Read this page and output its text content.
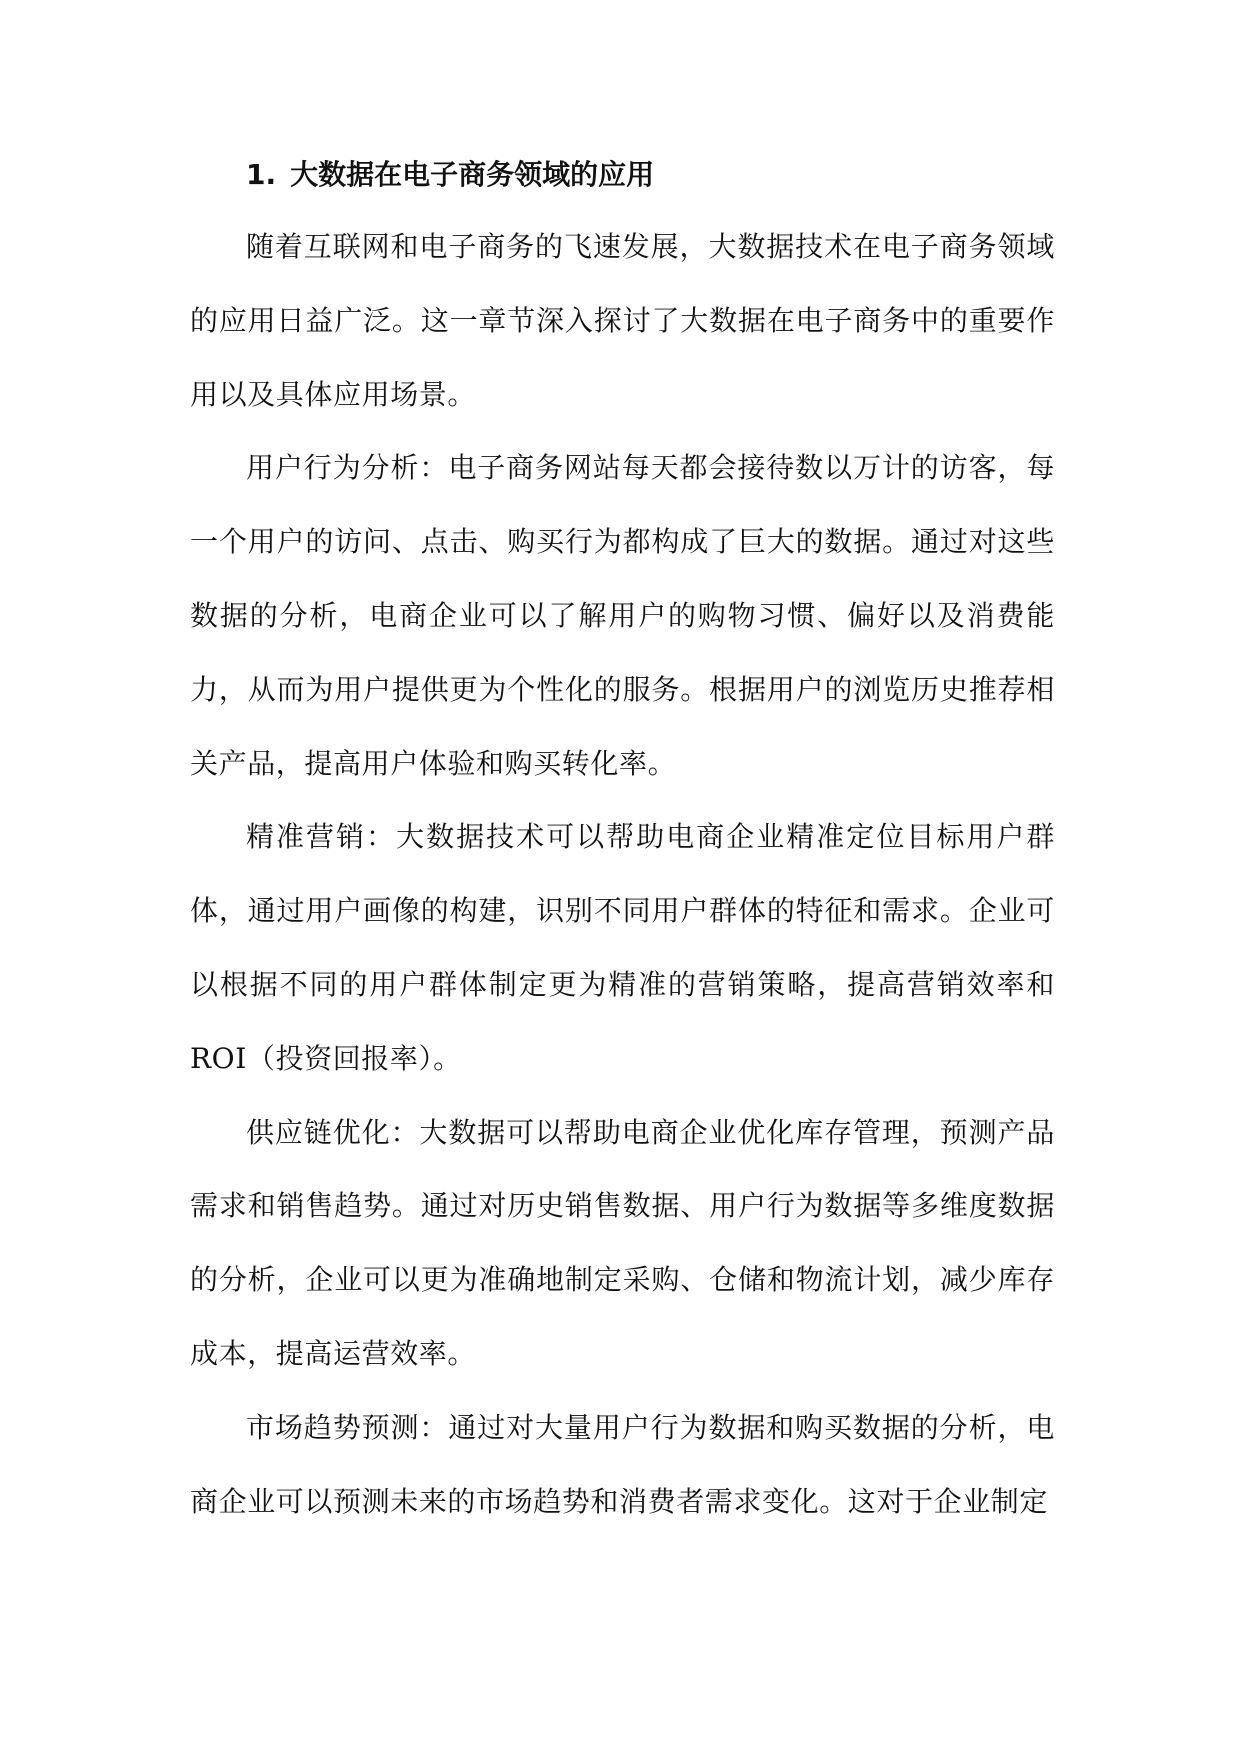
1. 大数据在电子商务领域的应用

随着互联网和电子商务的飞速发展，大数据技术在电子商务领域的应用日益广泛。这一章节深入探讨了大数据在电子商务中的重要作用以及具体应用场景。

用户行为分析：电子商务网站每天都会接待数以万计的访客，每一个用户的访问、点击、购买行为都构成了巨大的数据。通过对这些数据的分析，电商企业可以了解用户的购物习惯、偏好以及消费能力，从而为用户提供更为个性化的服务。根据用户的浏览历史推荐相关产品，提高用户体验和购买转化率。

精准营销：大数据技术可以帮助电商企业精准定位目标用户群体，通过用户画像的构建，识别不同用户群体的特征和需求。企业可以根据不同的用户群体制定更为精准的营销策略，提高营销效率和 ROI（投资回报率）。

供应链优化：大数据可以帮助电商企业优化库存管理，预测产品需求和销售趋势。通过对历史销售数据、用户行为数据等多维度数据的分析，企业可以更为准确地制定采购、仓储和物流计划，减少库存成本，提高运营效率。

市场趋势预测：通过对大量用户行为数据和购买数据的分析，电商企业可以预测未来的市场趋势和消费者需求变化。这对于企业制定
